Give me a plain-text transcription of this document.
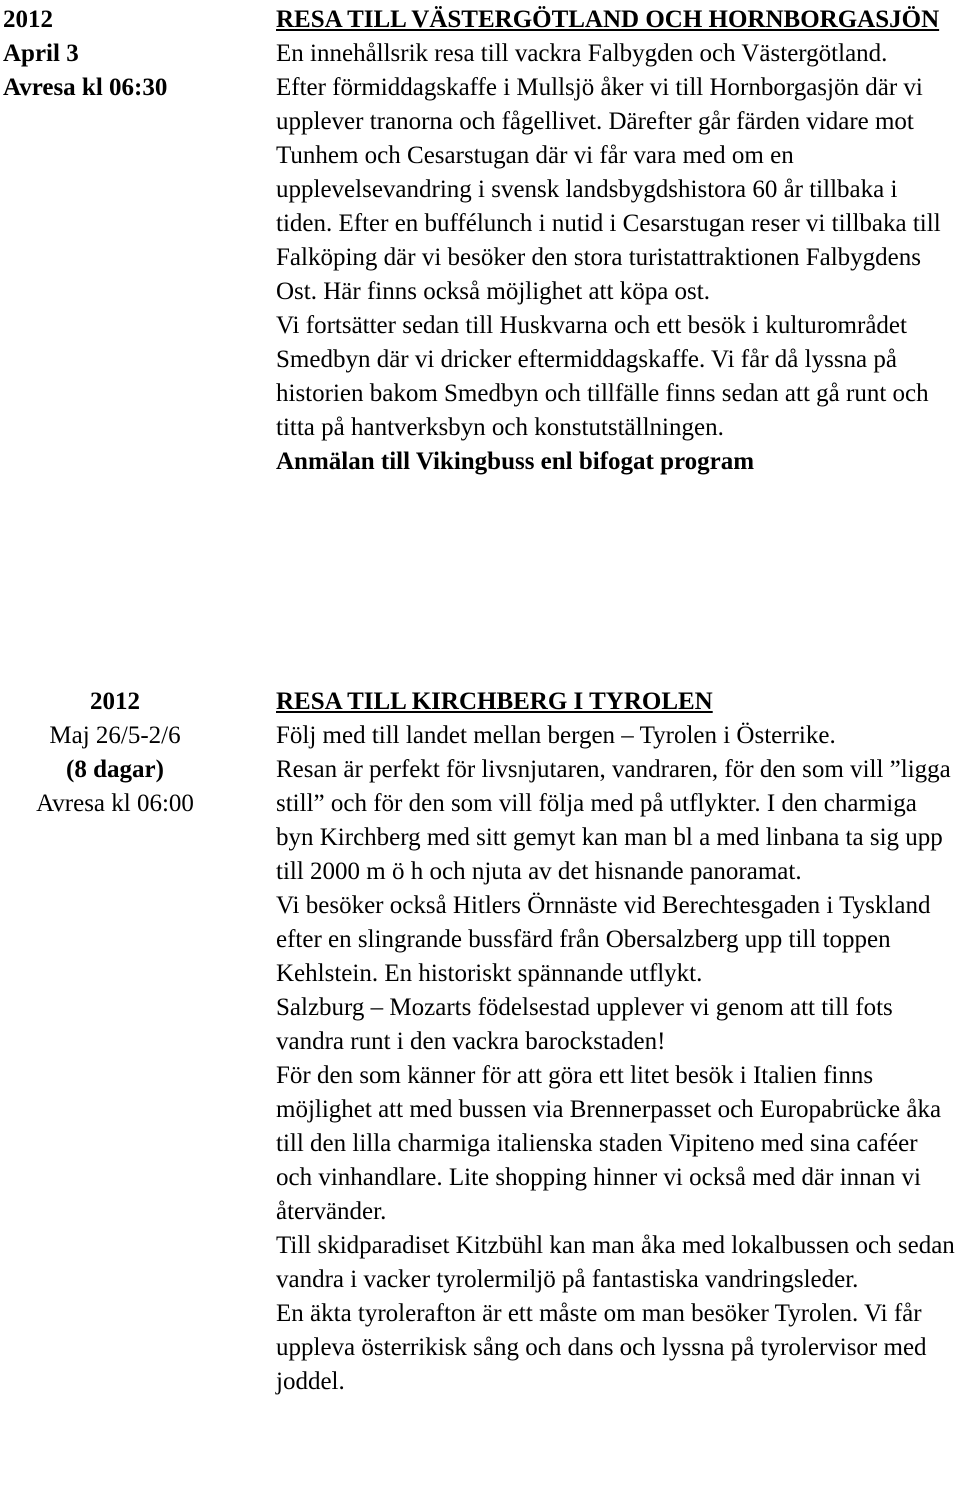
2012
April 3
Avresa kl 06:30
RESA TILL VÄSTERGÖTLAND OCH HORNBORGASJÖN
En innehållsrik resa till vackra Falbygden och Västergötland.
Efter förmiddagskaffe i Mullsjö åker vi till Hornborgasjön där vi upplever tranorna och fågellivet. Därefter går färden vidare mot Tunhem och Cesarstugan där vi får vara med om en upplevelsevandring i svensk landsbygdshistora 60 år tillbaka i tiden. Efter en buffélunch i nutid i Cesarstugan reser vi tillbaka till Falköping där vi besöker den stora turistattraktionen Falbygdens Ost. Här finns också möjlighet att köpa ost.
Vi fortsätter sedan till Huskvarna och ett besök i kulturområdet Smedbyn där vi dricker eftermiddagskaffe. Vi får då lyssna på historien bakom Smedbyn och tillfälle finns sedan att gå runt och titta på hantverksbyn och konstutställningen.
Anmälan till Vikingbuss enl bifogat program
2012
Maj 26/5-2/6
(8 dagar)
Avresa kl 06:00
RESA TILL KIRCHBERG I TYROLEN
Följ med till landet mellan bergen – Tyrolen i Österrike.
Resan är perfekt för livsnjutaren, vandraren, för den som vill ”ligga still” och för den som vill följa med på utflykter. I den charmiga byn Kirchberg med sitt gemyt kan man bl a med linbana ta sig upp till 2000 m ö h och njuta av det hisnande panoramat.
Vi besöker också Hitlers Örnnäste vid Berechtesgaden i Tyskland efter en slingrande bussfärd från Obersalzberg upp till toppen Kehlstein. En historiskt spännande utflykt.
Salzburg – Mozarts födelsestad upplever vi genom att till fots vandra runt i den vackra barockstaden!
För den som känner för att göra ett litet besök i Italien finns möjlighet att med bussen via Brennerpasset och Europabrücke åka till den lilla charmiga italienska staden Vipiteno med sina caféer och vinhandlare. Lite shopping hinner vi också med där innan vi återvänder.
Till skidparadiset Kitzbühl kan man åka med lokalbussen och sedan vandra i vacker tyrolermiljö på fantastiska vandringsleder.
En äkta tyrolerafton är ett måste om man besöker Tyrolen. Vi får uppleva österrikisk sång och dans och lyssna på tyrolervisor med joddel.
